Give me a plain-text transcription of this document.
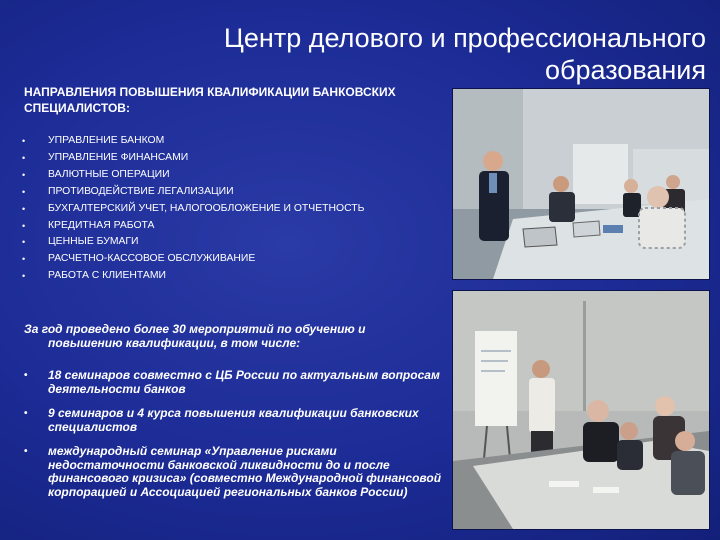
Центр делового и профессионального образования

НАПРАВЛЕНИЯ ПОВЫШЕНИЯ КВАЛИФИКАЦИИ БАНКОВСКИХ СПЕЦИАЛИСТОВ:

•	УПРАВЛЕНИЕ БАНКОМ
•	УПРАВЛЕНИЕ ФИНАНСАМИ
•	ВАЛЮТНЫЕ ОПЕРАЦИИ
•	ПРОТИВОДЕЙСТВИЕ ЛЕГАЛИЗАЦИИ
•	БУХГАЛТЕРСКИЙ УЧЕТ, НАЛОГООБЛОЖЕНИЕ И ОТЧЕТНОСТЬ
•	КРЕДИТНАЯ РАБОТА
•	ЦЕННЫЕ БУМАГИ
•	РАСЧЕТНО-КАССОВОЕ ОБСЛУЖИВАНИЕ
•	РАБОТА С КЛИЕНТАМИ

За год проведено более 30 мероприятий по обучению и
повышению квалификации, в том числе:

•	18 семинаров совместно с ЦБ России по актуальным вопросам деятельности банков
•	9 семинаров и 4 курса повышения квалификации банковских специалистов
•	международный семинар «Управление рисками недостаточности банковской ликвидности до и после финансового кризиса» (совместно Международной финансовой корпорацией и Ассоциацией региональных банков России)
